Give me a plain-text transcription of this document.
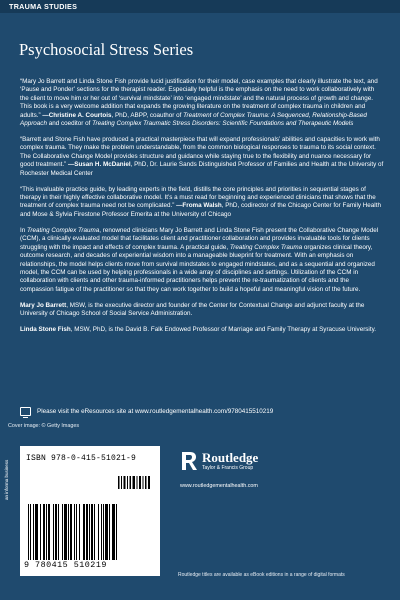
TRAUMA STUDIES
Psychosocial Stress Series
“Mary Jo Barrett and Linda Stone Fish provide lucid justification for their model, case examples that clearly illustrate the text, and ‘Pause and Ponder’ sections for the therapist reader. Especially helpful is the emphasis on the need to work collaboratively with the client to move him or her out of ‘survival mindstate’ into ‘engaged mindstate’ and the natural process of growth and change. This book is a very welcome addition that expands the growing literature on the treatment of complex trauma in children and adults.” —Christine A. Courtois, PhD, ABPP, coauthor of Treatment of Complex Trauma: A Sequenced, Relationship-Based Approach and coeditor of Treating Complex Traumatic Stress Disorders: Scientific Foundations and Therapeutic Models
“Barrett and Stone Fish have produced a practical masterpiece that will expand professionals’ abilities and capacities to work with complex trauma. They make the problem understandable, from the common biological responses to trauma to its social context. The Collaborative Change Model provides structure and guidance while staying true to the flexibility and nuance necessary for good treatment.” —Susan H. McDaniel, PhD, Dr. Laurie Sands Distinguished Professor of Families and Health at the University of Rochester Medical Center
“This invaluable practice guide, by leading experts in the field, distills the core principles and priorities in sequential stages of therapy in their highly effective collaborative model. It’s a must read for beginning and experienced clinicians that shows that the treatment of complex trauma need not be complicated.” —Froma Walsh, PhD, codirector of the Chicago Center for Family Health and Mose & Sylvia Firestone Professor Emerita at the University of Chicago
In Treating Complex Trauma, renowned clinicians Mary Jo Barrett and Linda Stone Fish present the Collaborative Change Model (CCM), a clinically evaluated model that facilitates client and practitioner collaboration and provides invaluable tools for clients struggling with the impact and effects of complex trauma. A practical guide, Treating Complex Trauma organizes clinical theory, outcome research, and decades of experiential wisdom into a manageable blueprint for treatment. With an emphasis on relationships, the model helps clients move from survival mindstates to engaged mindstates, and as a sequential and organized model, the CCM can be used by helping professionals in a wide array of disciplines and settings. Utilization of the CCM in collaboration with clients and other trauma-informed practitioners helps prevent the re-traumatization of clients and the compassion fatigue of the practitioner so that they can work together to build a hopeful and meaningful vision of the future.
Mary Jo Barrett, MSW, is the executive director and founder of the Center for Contextual Change and adjunct faculty at the University of Chicago School of Social Service Administration.
Linda Stone Fish, MSW, PhD, is the David B. Falk Endowed Professor of Marriage and Family Therapy at Syracuse University.
Please visit the eResources site at www.routledgementalhealth.com/9780415510219
Cover image: © Getty Images
an informa business
ISBN 978-0-415-51021-9
9 780415 510219
Routledge
Taylor & Francis Group
www.routledgementalhealth.com
Routledge titles are available as eBook editions in a range of digital formats
